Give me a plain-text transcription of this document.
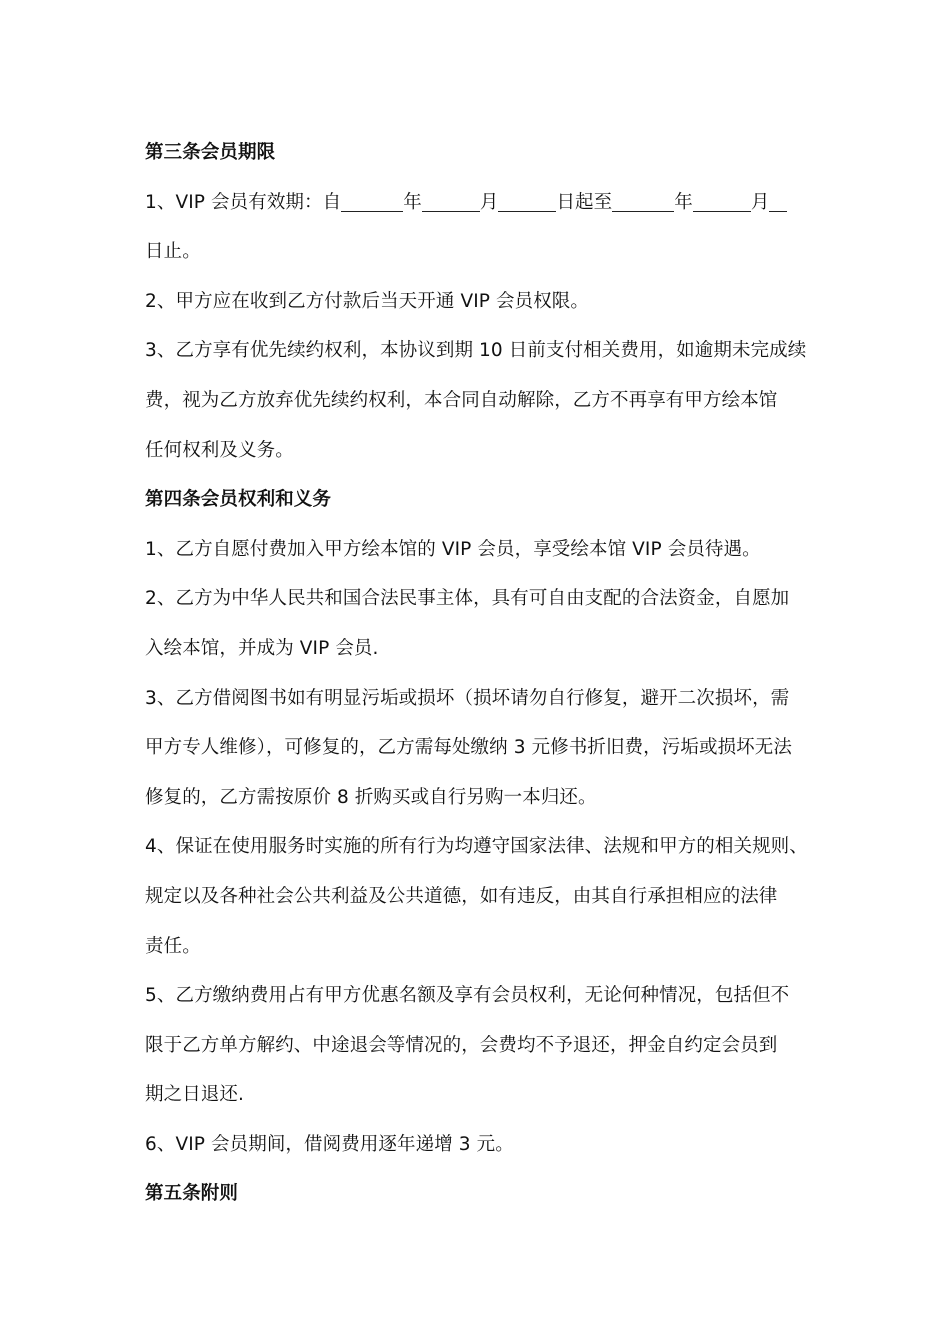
第三条会员期限
1、VIP 会员有效期：自	年	月	日起至	年	月
日止。
2、甲方应在收到乙方付款后当天开通 VIP 会员权限。
3、乙方享有优先续约权利，本协议到期 10 日前支付相关费用，如逾期未完成续
费，视为乙方放弃优先续约权利，本合同自动解除，乙方不再享有甲方绘本馆
任何权利及义务。
第四条会员权利和义务
1、乙方自愿付费加入甲方绘本馆的 VIP 会员，享受绘本馆 VIP 会员待遇。
2、乙方为中华人民共和国合法民事主体，具有可自由支配的合法资金，自愿加
入绘本馆，并成为 VIP 会员.
3、乙方借阅图书如有明显污垢或损坏（损坏请勿自行修复，避开二次损坏，需
甲方专人维修），可修复的，乙方需每处缴纳 3 元修书折旧费，污垢或损坏无法
修复的，乙方需按原价 8 折购买或自行另购一本归还。
4、保证在使用服务时实施的所有行为均遵守国家法律、法规和甲方的相关规则、
规定以及各种社会公共利益及公共道德，如有违反，由其自行承担相应的法律
责任。
5、乙方缴纳费用占有甲方优惠名额及享有会员权利，无论何种情况，包括但不
限于乙方单方解约、中途退会等情况的，会费均不予退还，押金自约定会员到
期之日退还.
6、VIP 会员期间，借阅费用逐年递增 3 元。
第五条附则
